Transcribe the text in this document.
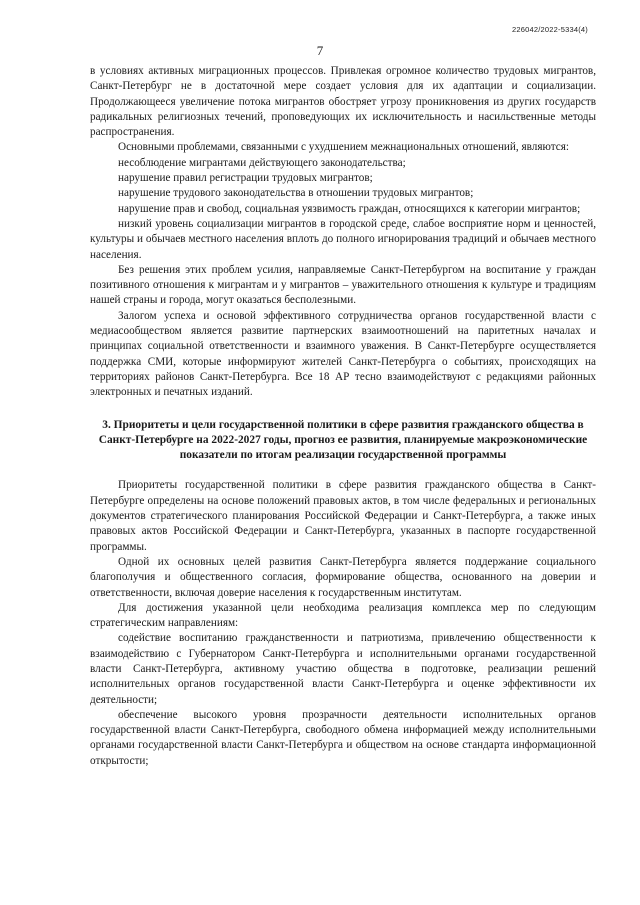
226042/2022-5334(4)
7

в условиях активных миграционных процессов. Привлекая огромное количество трудовых мигрантов, Санкт-Петербург не в достаточной мере создает условия для их адаптации и социализации. Продолжающееся увеличение потока мигрантов обостряет угрозу проникновения из других государств радикальных религиозных течений, проповедующих их исключительность и насильственные методы распространения.

Основными проблемами, связанными с ухудшением межнациональных отношений, являются:

несоблюдение мигрантами действующего законодательства;

нарушение правил регистрации трудовых мигрантов;

нарушение трудового законодательства в отношении трудовых мигрантов;

нарушение прав и свобод, социальная уязвимость граждан, относящихся к категории мигрантов;

низкий уровень социализации мигрантов в городской среде, слабое восприятие норм и ценностей, культуры и обычаев местного населения вплоть до полного игнорирования традиций и обычаев местного населения.

Без решения этих проблем усилия, направляемые Санкт-Петербургом на воспитание у граждан позитивного отношения к мигрантам и у мигрантов – уважительного отношения к культуре и традициям нашей страны и города, могут оказаться бесполезными.

Залогом успеха и основой эффективного сотрудничества органов государственной власти с медиасообществом является развитие партнерских взаимоотношений на паритетных началах и принципах социальной ответственности и взаимного уважения. В Санкт-Петербурге осуществляется поддержка СМИ, которые информируют жителей Санкт-Петербурга о событиях, происходящих на территориях районов Санкт-Петербурга. Все 18 АР тесно взаимодействуют с редакциями районных электронных и печатных изданий.

3. Приоритеты и цели государственной политики в сфере развития гражданского общества в Санкт-Петербурге на 2022-2027 годы, прогноз ее развития, планируемые макроэкономические показатели по итогам реализации государственной программы

Приоритеты государственной политики в сфере развития гражданского общества в Санкт-Петербурге определены на основе положений правовых актов, в том числе федеральных и региональных документов стратегического планирования Российской Федерации и Санкт-Петербурга, а также иных правовых актов Российской Федерации и Санкт-Петербурга, указанных в паспорте государственной программы.

Одной их основных целей развития Санкт-Петербурга является поддержание социального благополучия и общественного согласия, формирование общества, основанного на доверии и ответственности, включая доверие населения к государственным институтам.

Для достижения указанной цели необходима реализация комплекса мер по следующим стратегическим направлениям:

содействие воспитанию гражданственности и патриотизма, привлечению общественности к взаимодействию с Губернатором Санкт-Петербурга и исполнительными органами государственной власти Санкт-Петербурга, активному участию общества в подготовке, реализации решений исполнительных органов государственной власти Санкт-Петербурга и оценке эффективности их деятельности;

обеспечение высокого уровня прозрачности деятельности исполнительных органов государственной власти Санкт-Петербурга, свободного обмена информацией между исполнительными органами государственной власти Санкт-Петербурга и обществом на основе стандарта информационной открытости;
